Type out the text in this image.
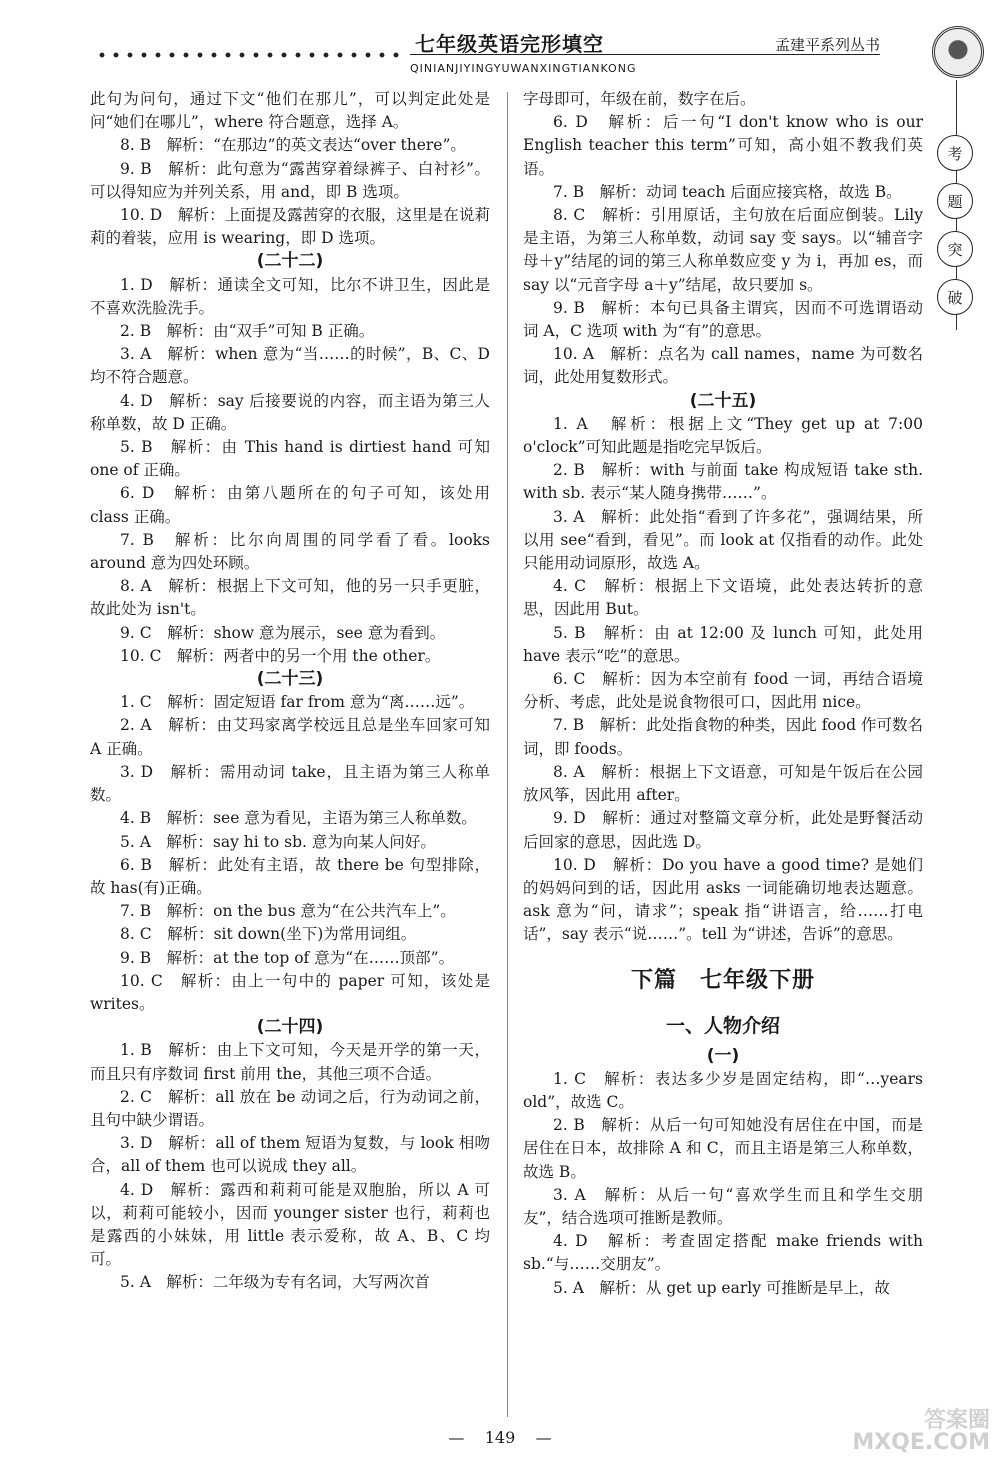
七年级英语完形填空
QINIANJIYINGYUWANXINGTIANKONG
孟建平系列丛书
考
题
突
破

此句为问句，通过下文“他们在那儿”，可以判定此处是问“她们在哪儿”，where 符合题意，选择 A。

8. B　解析：“在那边”的英文表达“over there”。

9. B　解析：此句意为“露茜穿着绿裤子、白衬衫”。可以得知应为并列关系，用 and，即 B 选项。

10. D　解析：上面提及露茜穿的衣服，这里是在说莉莉的着装，应用 is wearing，即 D 选项。

(二十二)

1. D　解析：通读全文可知，比尔不讲卫生，因此是不喜欢洗脸洗手。

2. B　解析：由“双手”可知 B 正确。

3. A　解析：when 意为“当……的时候”，B、C、D 均不符合题意。

4. D　解析：say 后接要说的内容，而主语为第三人称单数，故 D 正确。

5. B　解析：由 This hand is dirtiest hand 可知 one of 正确。

6. D　解析：由第八题所在的句子可知，该处用 class 正确。

7. B　解析：比尔向周围的同学看了看。looks around 意为四处环顾。

8. A　解析：根据上下文可知，他的另一只手更脏，故此处为 isn't。

9. C　解析：show 意为展示，see 意为看到。

10. C　解析：两者中的另一个用 the other。

(二十三)

1. C　解析：固定短语 far from 意为“离……远”。

2. A　解析：由艾玛家离学校远且总是坐车回家可知 A 正确。

3. D　解析：需用动词 take，且主语为第三人称单数。

4. B　解析：see 意为看见，主语为第三人称单数。

5. A　解析：say hi to sb. 意为向某人问好。

6. B　解析：此处有主语，故 there be 句型排除，故 has(有)正确。

7. B　解析：on the bus 意为“在公共汽车上”。

8. C　解析：sit down(坐下)为常用词组。

9. B　解析：at the top of 意为“在……顶部”。

10. C　解析：由上一句中的 paper 可知，该处是 writes。

(二十四)

1. B　解析：由上下文可知，今天是开学的第一天，而且只有序数词 first 前用 the，其他三项不合适。

2. C　解析：all 放在 be 动词之后，行为动词之前，且句中缺少谓语。

3. D　解析：all of them 短语为复数，与 look 相吻合，all of them 也可以说成 they all。

4. D　解析：露西和莉莉可能是双胞胎，所以 A 可以，莉莉可能较小，因而 younger sister 也行，莉莉也是露西的小妹妹，用 little 表示爱称，故 A、B、C 均可。

5. A　解析：二年级为专有名词，大写两次首

字母即可，年级在前，数字在后。

6. D　解析：后一句“I don't know who is our English teacher this term”可知，高小姐不教我们英语。

7. B　解析：动词 teach 后面应接宾格，故选 B。

8. C　解析：引用原话，主句放在后面应倒装。Lily 是主语，为第三人称单数，动词 say 变 says。以“辅音字母＋y”结尾的词的第三人称单数应变 y 为 i，再加 es，而 say 以“元音字母 a＋y”结尾，故只要加 s。

9. B　解析：本句已具备主谓宾，因而不可选谓语动词 A，C 选项 with 为“有”的意思。

10. A　解析：点名为 call names，name 为可数名词，此处用复数形式。

(二十五)

1. A　解析：根据上文“They get up at 7:00 o'clock”可知此题是指吃完早饭后。

2. B　解析：with 与前面 take 构成短语 take sth. with sb. 表示“某人随身携带……”。

3. A　解析：此处指“看到了许多花”，强调结果，所以用 see“看到，看见”。而 look at 仅指看的动作。此处只能用动词原形，故选 A。

4. C　解析：根据上下文语境，此处表达转折的意思，因此用 But。

5. B　解析：由 at 12:00 及 lunch 可知，此处用 have 表示“吃”的意思。

6. C　解析：因为本空前有 food 一词，再结合语境分析、考虑，此处是说食物很可口，因此用 nice。

7. B　解析：此处指食物的种类，因此 food 作可数名词，即 foods。

8. A　解析：根据上下文语意，可知是午饭后在公园放风筝，因此用 after。

9. D　解析：通过对整篇文章分析，此处是野餐活动后回家的意思，因此选 D。

10. D　解析：Do you have a good time? 是她们的妈妈问到的话，因此用 asks 一词能确切地表达题意。ask 意为“问，请求”；speak 指“讲语言，给……打电话”，say 表示“说……”。tell 为“讲述，告诉”的意思。

下篇　七年级下册

一、人物介绍

(一)

1. C　解析：表达多少岁是固定结构，即“…years old”，故选 C。

2. B　解析：从后一句可知她没有居住在中国，而是居住在日本，故排除 A 和 C，而且主语是第三人称单数，故选 B。

3. A　解析：从后一句“喜欢学生而且和学生交朋友”，结合选项可推断是教师。

4. D　解析：考查固定搭配 make friends with sb.“与……交朋友”。

5. A　解析：从 get up early 可推断是早上，故

— 149 —
答案圈
MXQE.COM
